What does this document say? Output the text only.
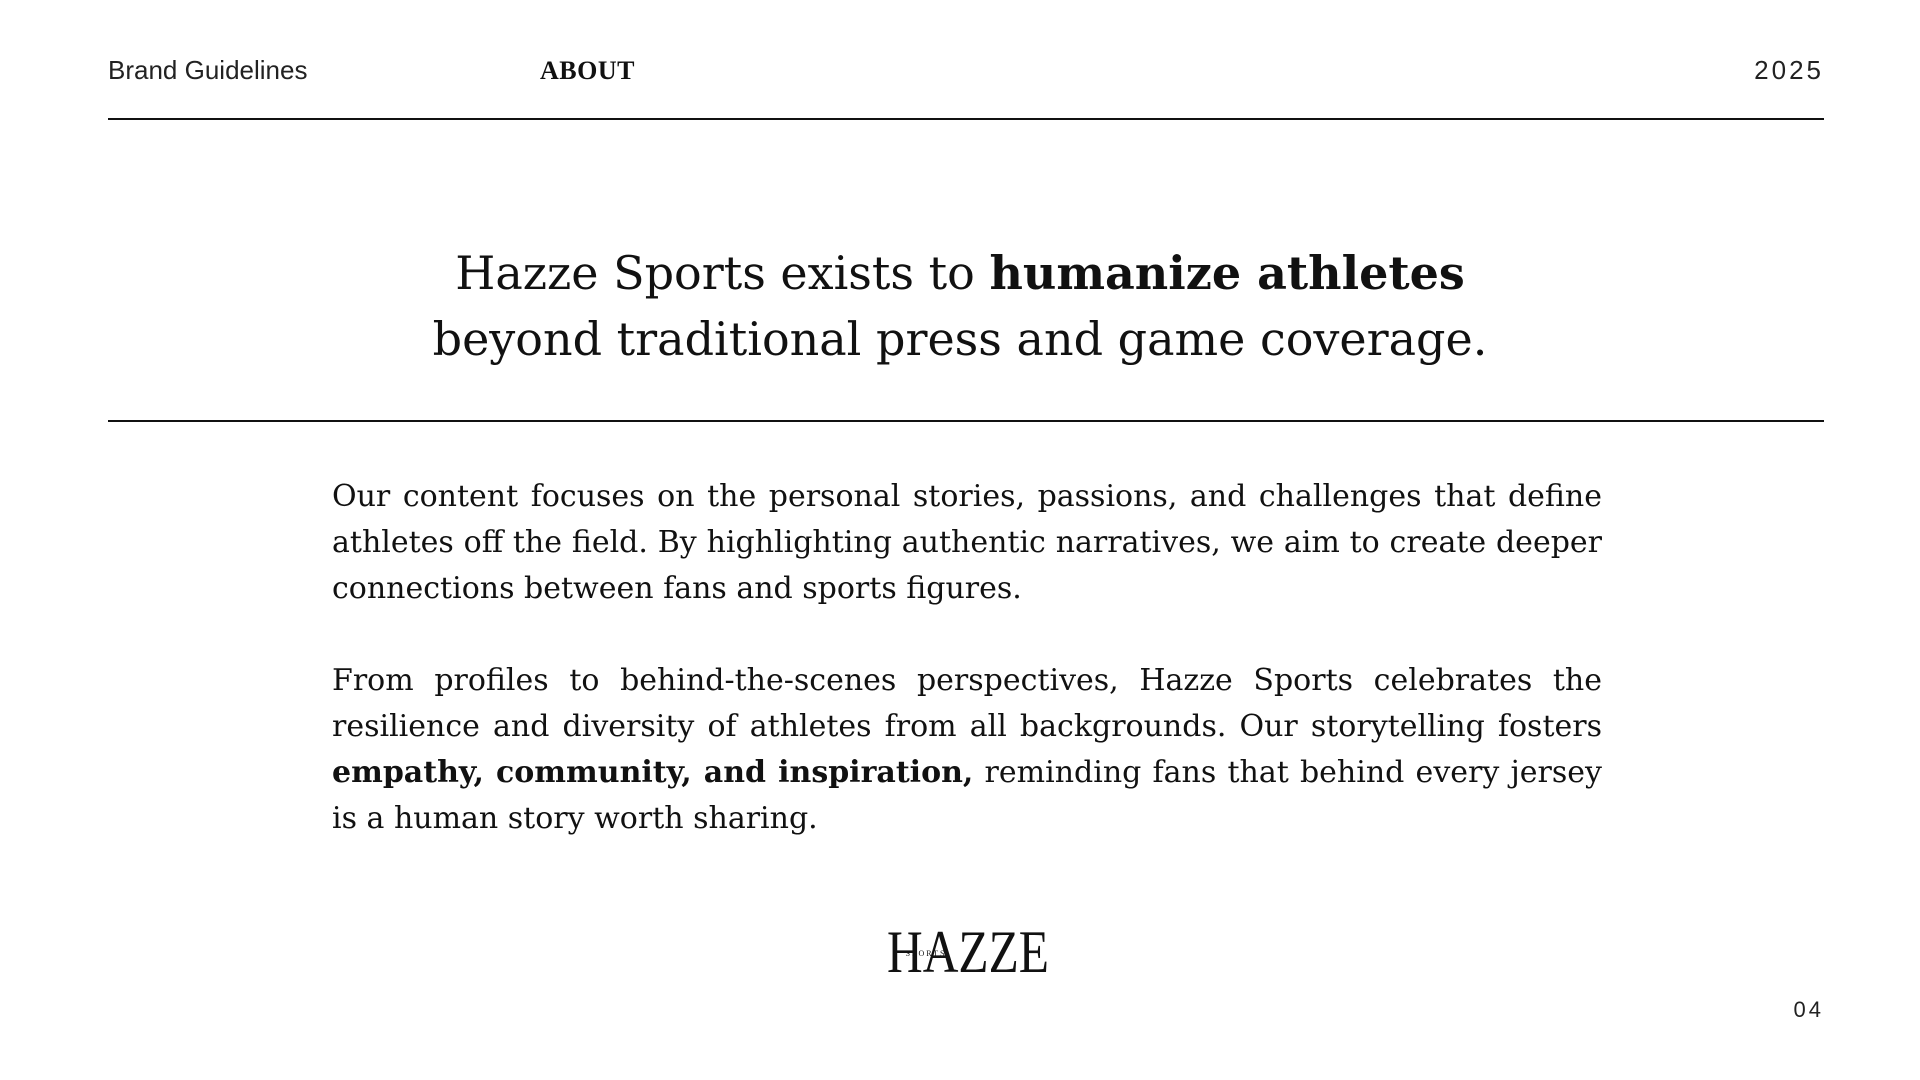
Brand Guidelines	ABOUT	2025
Hazze Sports exists to humanize athletes
beyond traditional press and game coverage.

Our content focuses on the personal stories, passions, and challenges that define athletes off the field. By highlighting authentic narratives, we aim to create deeper connections between fans and sports figures.

From profiles to behind-the-scenes perspectives, Hazze Sports celebrates the resilience and diversity of athletes from all backgrounds. Our storytelling fosters empathy, community, and inspiration, reminding fans that behind every jersey is a human story worth sharing.

HAZZE
SPORTS
04
